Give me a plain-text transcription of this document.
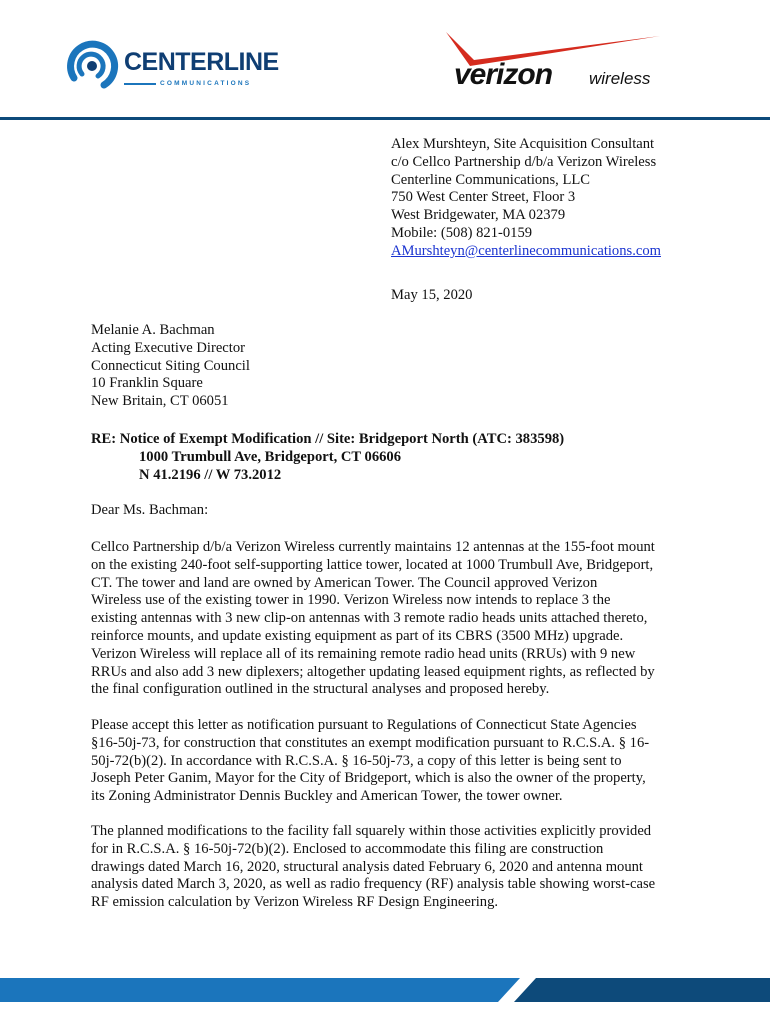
CENTERLINE
COMMUNICATIONS	verizon wireless
Alex Murshteyn, Site Acquisition Consultant
c/o Cellco Partnership d/b/a Verizon Wireless
Centerline Communications, LLC
750 West Center Street, Floor 3
West Bridgewater, MA 02379
Mobile: (508) 821-0159
AMurshteyn@centerlinecommunications.com
May 15, 2020
Melanie A. Bachman
Acting Executive Director
Connecticut Siting Council
10 Franklin Square
New Britain, CT 06051
RE: Notice of Exempt Modification // Site: Bridgeport North (ATC: 383598)
1000 Trumbull Ave, Bridgeport, CT 06606
N 41.2196 // W 73.2012
Dear Ms. Bachman:
Cellco Partnership d/b/a Verizon Wireless currently maintains 12 antennas at the 155-foot mount
on the existing 240-foot self-supporting lattice tower, located at 1000 Trumbull Ave, Bridgeport,
CT. The tower and land are owned by American Tower. The Council approved Verizon
Wireless use of the existing tower in 1990. Verizon Wireless now intends to replace 3 the
existing antennas with 3 new clip-on antennas with 3 remote radio heads units attached thereto,
reinforce mounts, and update existing equipment as part of its CBRS (3500 MHz) upgrade.
Verizon Wireless will replace all of its remaining remote radio head units (RRUs) with 9 new
RRUs and also add 3 new diplexers; altogether updating leased equipment rights, as reflected by
the final configuration outlined in the structural analyses and proposed hereby.
Please accept this letter as notification pursuant to Regulations of Connecticut State Agencies
§16-50j-73, for construction that constitutes an exempt modification pursuant to R.C.S.A. § 16-
50j-72(b)(2). In accordance with R.C.S.A. § 16-50j-73, a copy of this letter is being sent to
Joseph Peter Ganim, Mayor for the City of Bridgeport, which is also the owner of the property,
its Zoning Administrator Dennis Buckley and American Tower, the tower owner.
The planned modifications to the facility fall squarely within those activities explicitly provided
for in R.C.S.A. § 16-50j-72(b)(2). Enclosed to accommodate this filing are construction
drawings dated March 16, 2020, structural analysis dated February 6, 2020 and antenna mount
analysis dated March 3, 2020, as well as radio frequency (RF) analysis table showing worst-case
RF emission calculation by Verizon Wireless RF Design Engineering.
